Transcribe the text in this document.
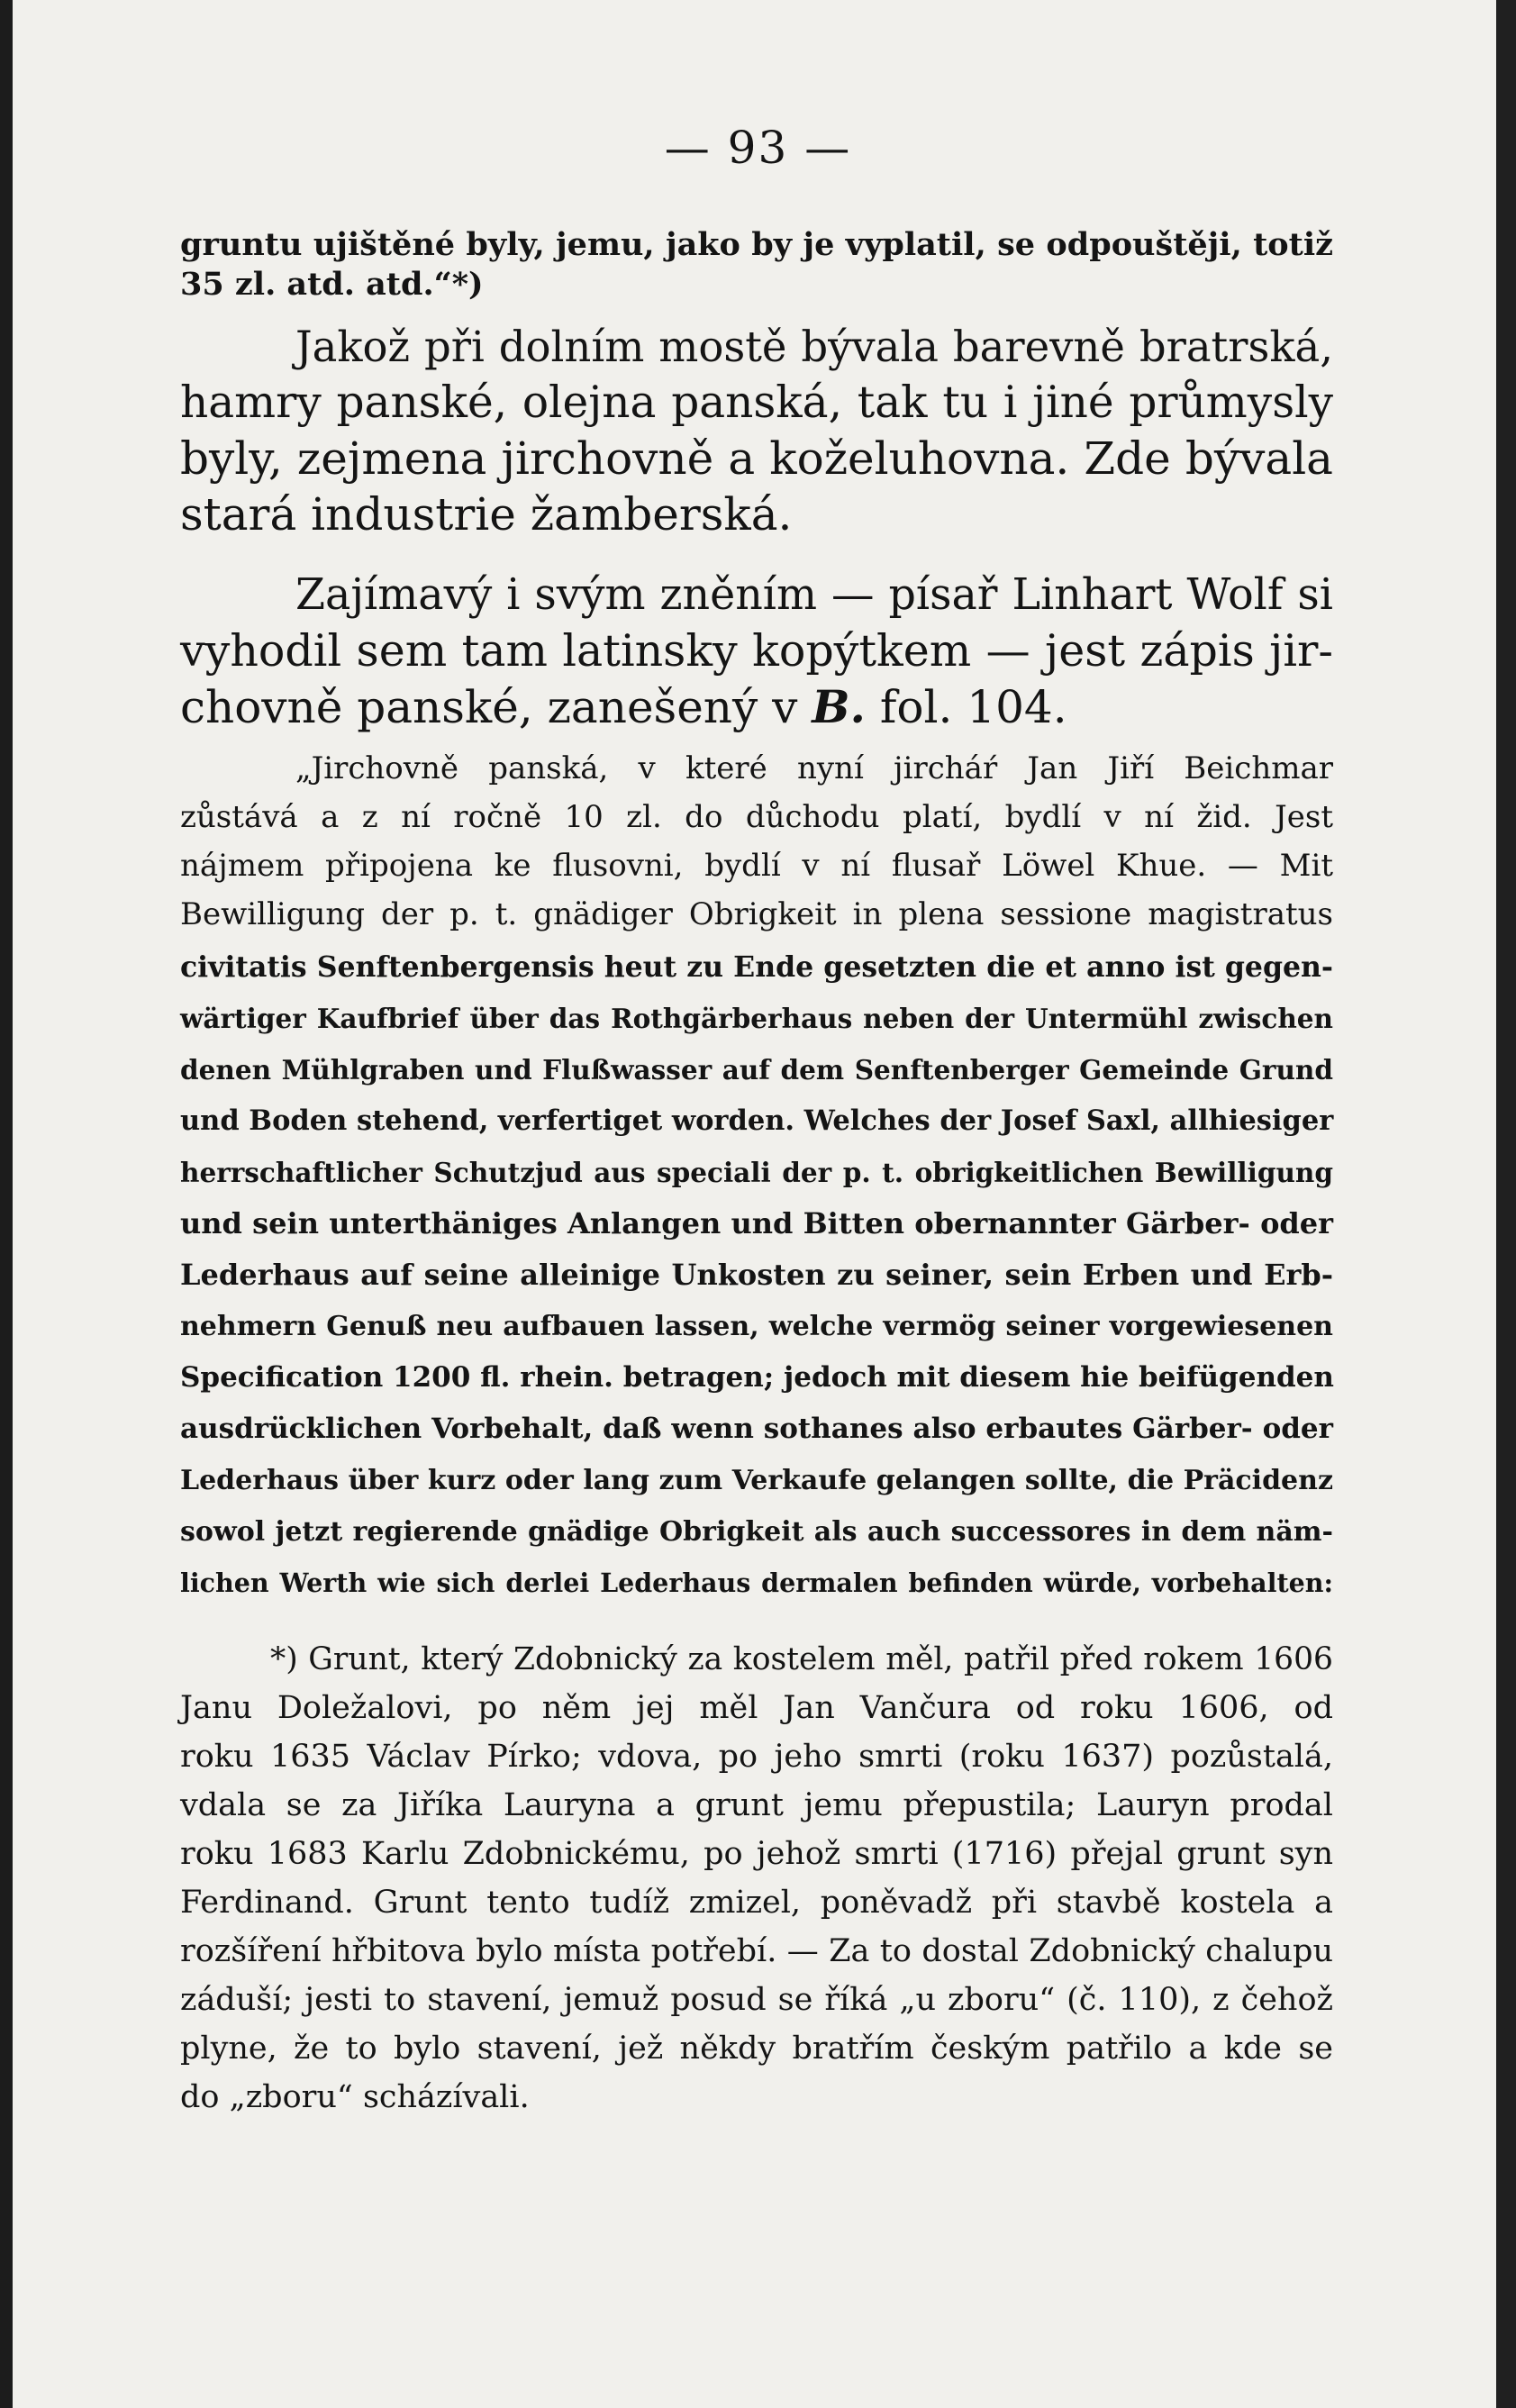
— 93 —
gruntu ujištěné byly, jemu, jako by je vyplatil, se odpouštěji, totiž
35 zl. atd. atd.“*)
Jakož při dolním mostě bývala barevně bratrská,
hamry panské, olejna panská, tak tu i jiné průmysly
byly, zejmena jirchovně a koželuhovna. Zde bývala
stará industrie žamberská.
Zajímavý i svým zněním — písař Linhart Wolf si
vyhodil sem tam latinsky kopýtkem — jest zápis jir-
chovně panské, zanešený v B. fol. 104.
„Jirchovně panská, v které nyní jircháŕ Jan Jiří Beichmar
zůstává a z ní ročně 10 zl. do důchodu platí, bydlí v ní žid. Jest
nájmem připojena ke flusovni, bydlí v ní flusař Löwel Khue. — Mit
Bewilligung der p. t. gnädiger Obrigkeit in plena sessione magistratus
civitatis Senftenbergensis heut zu Ende gesetzten die et anno ist gegen-
wärtiger Kaufbrief über das Rothgärberhaus neben der Untermühl zwischen
denen Mühlgraben und Flußwasser auf dem Senftenberger Gemeinde Grund
und Boden stehend, verfertiget worden. Welches der Josef Saxl, allhiesiger
herrschaftlicher Schutzjud aus speciali der p. t. obrigkeitlichen Bewilligung
und sein unterthäniges Anlangen und Bitten obernannter Gärber- oder
Lederhaus auf seine alleinige Unkosten zu seiner, sein Erben und Erb-
nehmern Genuß neu aufbauen lassen, welche vermög seiner vorgewiesenen
Specification 1200 fl. rhein. betragen; jedoch mit diesem hie beifügenden
ausdrücklichen Vorbehalt, daß wenn sothanes also erbautes Gärber- oder
Lederhaus über kurz oder lang zum Verkaufe gelangen sollte, die Präcidenz
sowol jetzt regierende gnädige Obrigkeit als auch successores in dem näm-
lichen Werth wie sich derlei Lederhaus dermalen befinden würde, vorbehalten:
*) Grunt, který Zdobnický za kostelem měl, patřil před rokem 1606
Janu Doležalovi, po něm jej měl Jan Vančura od roku 1606, od
roku 1635 Václav Pírko; vdova, po jeho smrti (roku 1637) pozůstalá,
vdala se za Jiříka Lauryna a grunt jemu přepustila; Lauryn prodal
roku 1683 Karlu Zdobnickému, po jehož smrti (1716) přejal grunt syn
Ferdinand. Grunt tento tudíž zmizel, poněvadž při stavbě kostela a
rozšíření hřbitova bylo místa potřebí. — Za to dostal Zdobnický chalupu
záduší; jesti to stavení, jemuž posud se říká „u zboru“ (č. 110), z čehož
plyne, že to bylo stavení, jež někdy bratřím českým patřilo a kde se
do „zboru“ scházívali.
